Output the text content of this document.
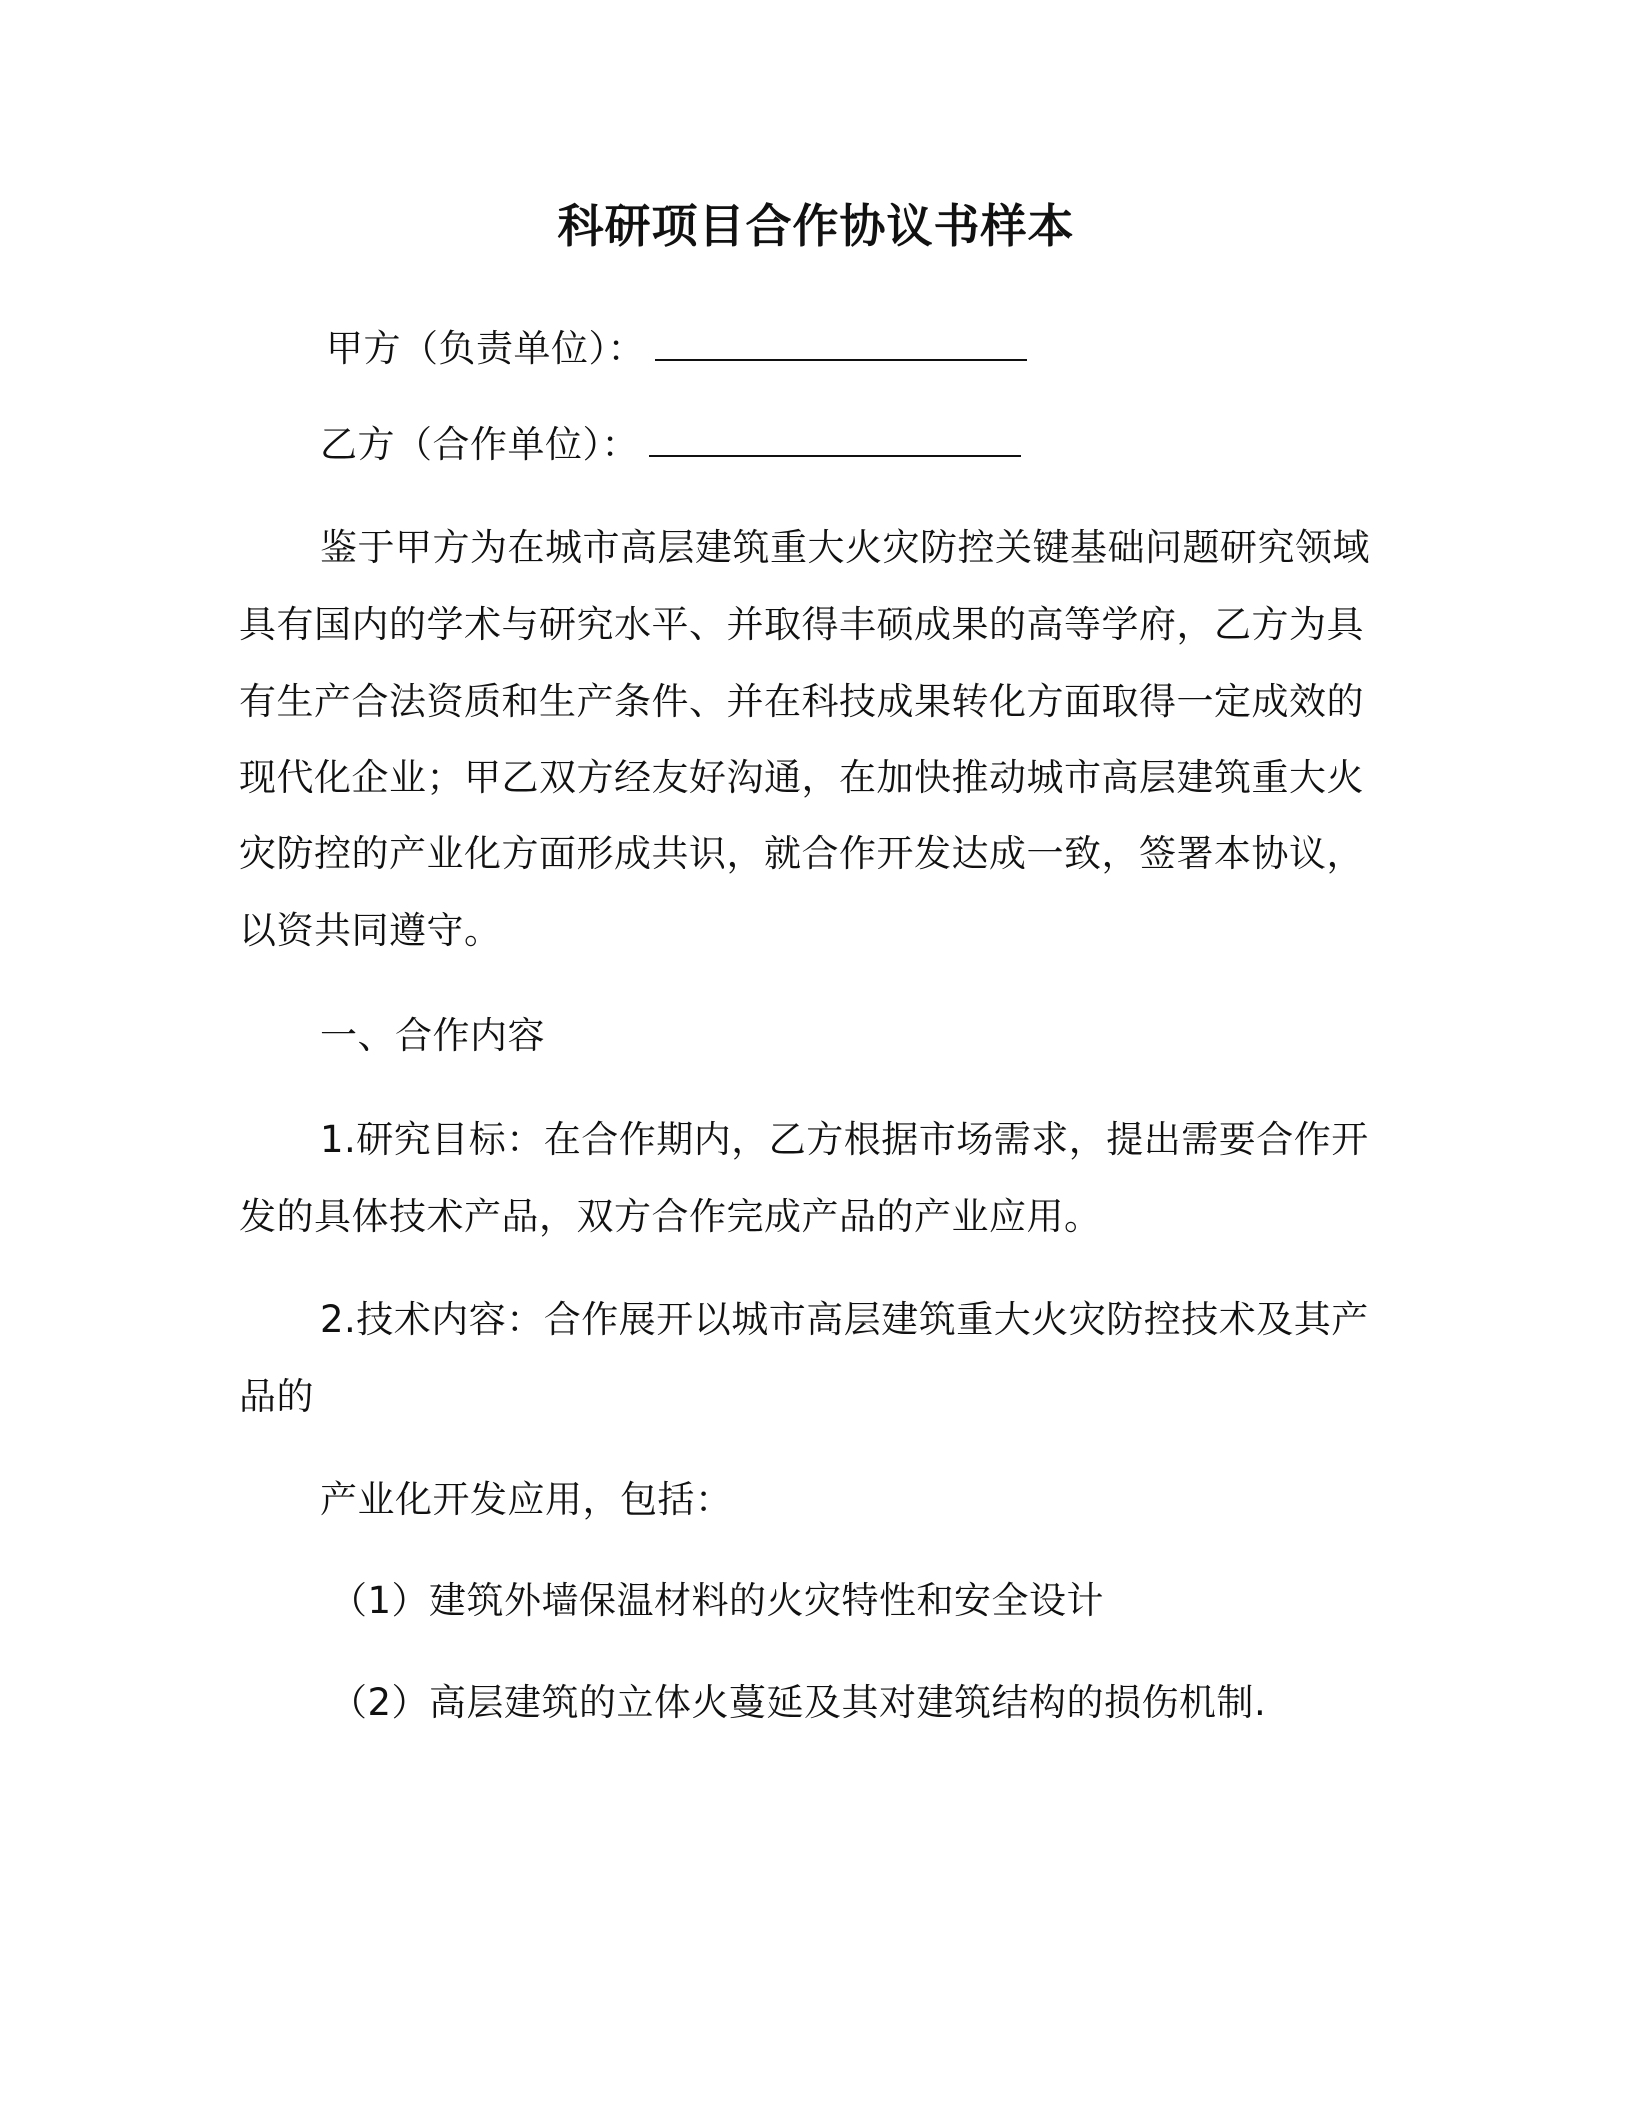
科研项目合作协议书样本

甲方（负责单位）：

乙方（合作单位）：

鉴于甲方为在城市高层建筑重大火灾防控关键基础问题研究领域

具有国内的学术与研究水平、并取得丰硕成果的高等学府，乙方为具

有生产合法资质和生产条件、并在科技成果转化方面取得一定成效的

现代化企业；甲乙双方经友好沟通，在加快推动城市高层建筑重大火

灾防控的产业化方面形成共识，就合作开发达成一致，签署本协议，

以资共同遵守。

一、合作内容

1.研究目标：在合作期内，乙方根据市场需求，提出需要合作开

发的具体技术产品，双方合作完成产品的产业应用。

2.技术内容：合作展开以城市高层建筑重大火灾防控技术及其产

品的

产业化开发应用，包括：

（1）建筑外墙保温材料的火灾特性和安全设计

（2）高层建筑的立体火蔓延及其对建筑结构的损伤机制.
